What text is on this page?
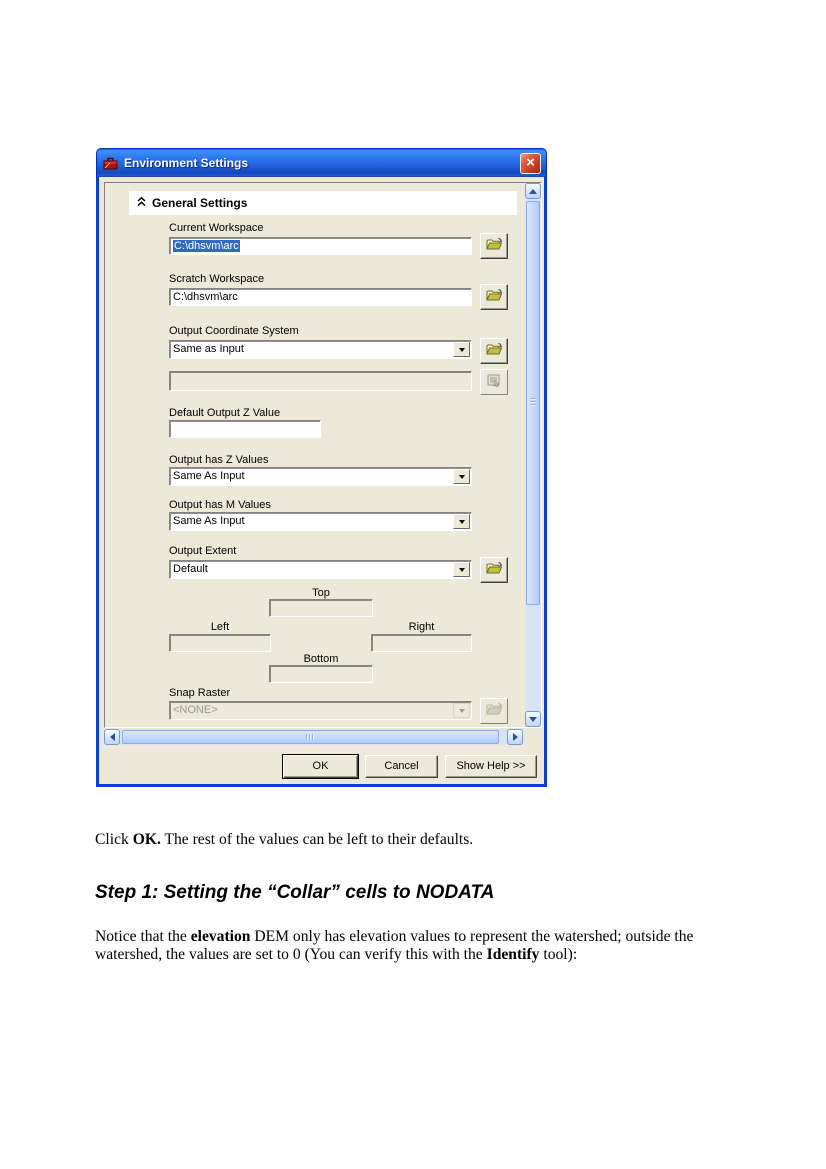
Environment Settings	×
General Settings
Current Workspace
C:\dhsvm\arc
Scratch Workspace
C:\dhsvm\arc
Output Coordinate System
Same as Input
Default Output Z Value
Output has Z Values
Same As Input
Output has M Values
Same As Input
Output Extent
Default
Top
Left	Right
Bottom
Snap Raster
<NONE>
OK	Cancel	Show Help >>

Click OK. The rest of the values can be left to their defaults.

Step 1: Setting the “Collar” cells to NODATA

Notice that the elevation DEM only has elevation values to represent the watershed; outside the watershed, the values are set to 0 (You can verify this with the Identify tool):
